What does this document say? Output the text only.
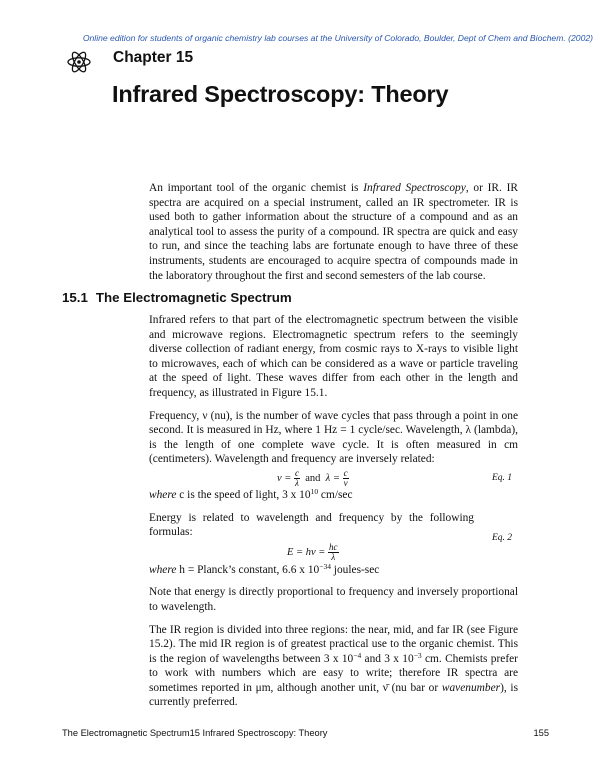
Online edition for students of organic chemistry lab courses at the University of Colorado, Boulder, Dept of Chem and Biochem. (2002)
Chapter 15
Infrared Spectroscopy: Theory

An important tool of the organic chemist is Infrared Spectroscopy, or IR. IR spectra are acquired on a special instrument, called an IR spectrometer. IR is used both to gather information about the structure of a compound and as an analytical tool to assess the purity of a compound. IR spectra are quick and easy to run, and since the teaching labs are fortunate enough to have three of these instruments, students are encouraged to acquire spectra of compounds made in the laboratory throughout the first and second semesters of the lab course.

15.1 The Electromagnetic Spectrum

Infrared refers to that part of the electromagnetic spectrum between the visible and microwave regions. Electromagnetic spectrum refers to the seemingly diverse collection of radiant energy, from cosmic rays to X-rays to visible light to microwaves, each of which can be considered as a wave or particle traveling at the speed of light. These waves differ from each other in the length and frequency, as illustrated in Figure 15.1.

Frequency, ν (nu), is the number of wave cycles that pass through a point in one second. It is measured in Hz, where 1 Hz = 1 cycle/sec. Wavelength, λ (lambda), is the length of one complete wave cycle. It is often measured in cm (centimeters). Wavelength and frequency are inversely related:

$\nu = \frac{c}{\lambda}$ and $\lambda = \frac{c}{\nu}$	Eq. 1

where c is the speed of light, 3 x $10^{10}$ cm/sec

Energy is related to wavelength and frequency by the following formulas:

$E = h\nu = \frac{hc}{\lambda}$
Eq. 2

where h = Planck’s constant, 6.6 x $10^{-34}$ joules-sec

Note that energy is directly proportional to frequency and inversely proportional to wavelength.

The IR region is divided into three regions: the near, mid, and far IR (see Figure 15.2). The mid IR region is of greatest practical use to the organic chemist. This is the region of wavelengths between 3 x $10^{-4}$ and 3 x $10^{-3}$ cm. Chemists prefer to work with numbers which are easy to write; therefore IR spectra are sometimes reported in μm, although another unit, ν̄ (nu bar or wavenumber), is currently preferred.

The Electromagnetic Spectrum15 Infrared Spectroscopy: Theory	155
